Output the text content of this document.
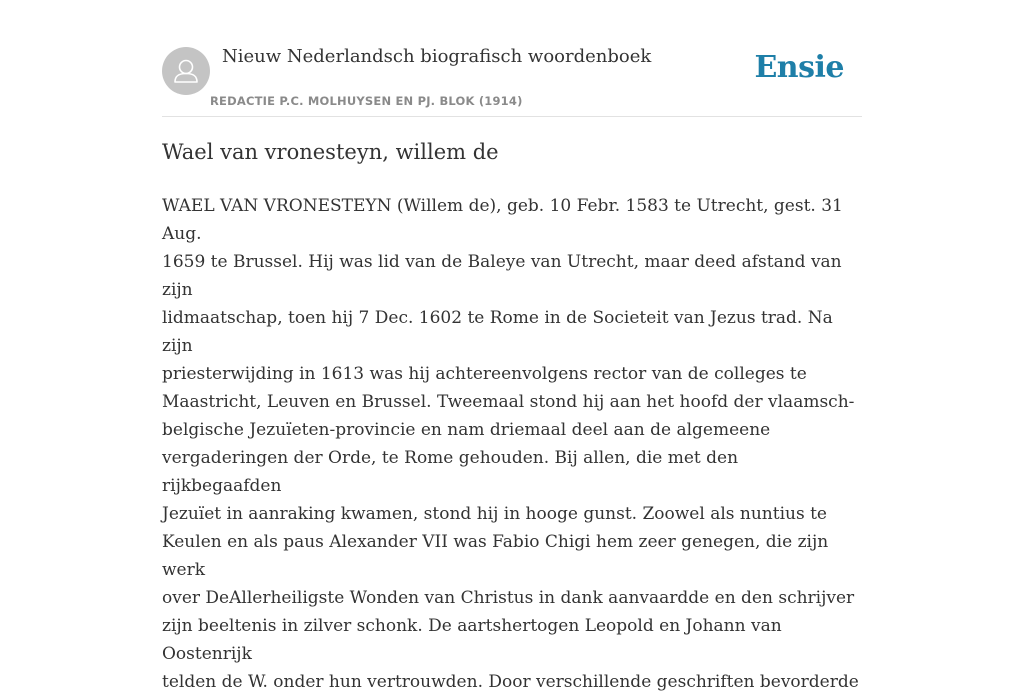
Nieuw Nederlandsch biografisch woordenboek
REDACTIE P.C. MOLHUYSEN EN PJ. BLOK (1914)
Ensie
Wael van vronesteyn, willem de

WAEL VAN VRONESTEYN (Willem de), geb. 10 Febr. 1583 te Utrecht, gest. 31 Aug.
1659 te Brussel. Hij was lid van de Baleye van Utrecht, maar deed afstand van zijn
lidmaatschap, toen hij 7 Dec. 1602 te Rome in de Societeit van Jezus trad. Na zijn
priesterwijding in 1613 was hij achtereenvolgens rector van de colleges te
Maastricht, Leuven en Brussel. Tweemaal stond hij aan het hoofd der vlaamsch-
belgische Jezuïeten-provincie en nam driemaal deel aan de algemeene
vergaderingen der Orde, te Rome gehouden. Bij allen, die met den rijkbegaafden
Jezuïet in aanraking kwamen, stond hij in hooge gunst. Zoowel als nuntius te
Keulen en als paus Alexander VII was Fabio Chigi hem zeer genegen, die zijn werk
over DeAllerheiligste Wonden van Christus in dank aanvaardde en den schrijver
zijn beeltenis in zilver schonk. De aartshertogen Leopold en Johann van Oostenrijk
telden de W. onder hun vertrouwden. Door verschillende geschriften bevorderde
